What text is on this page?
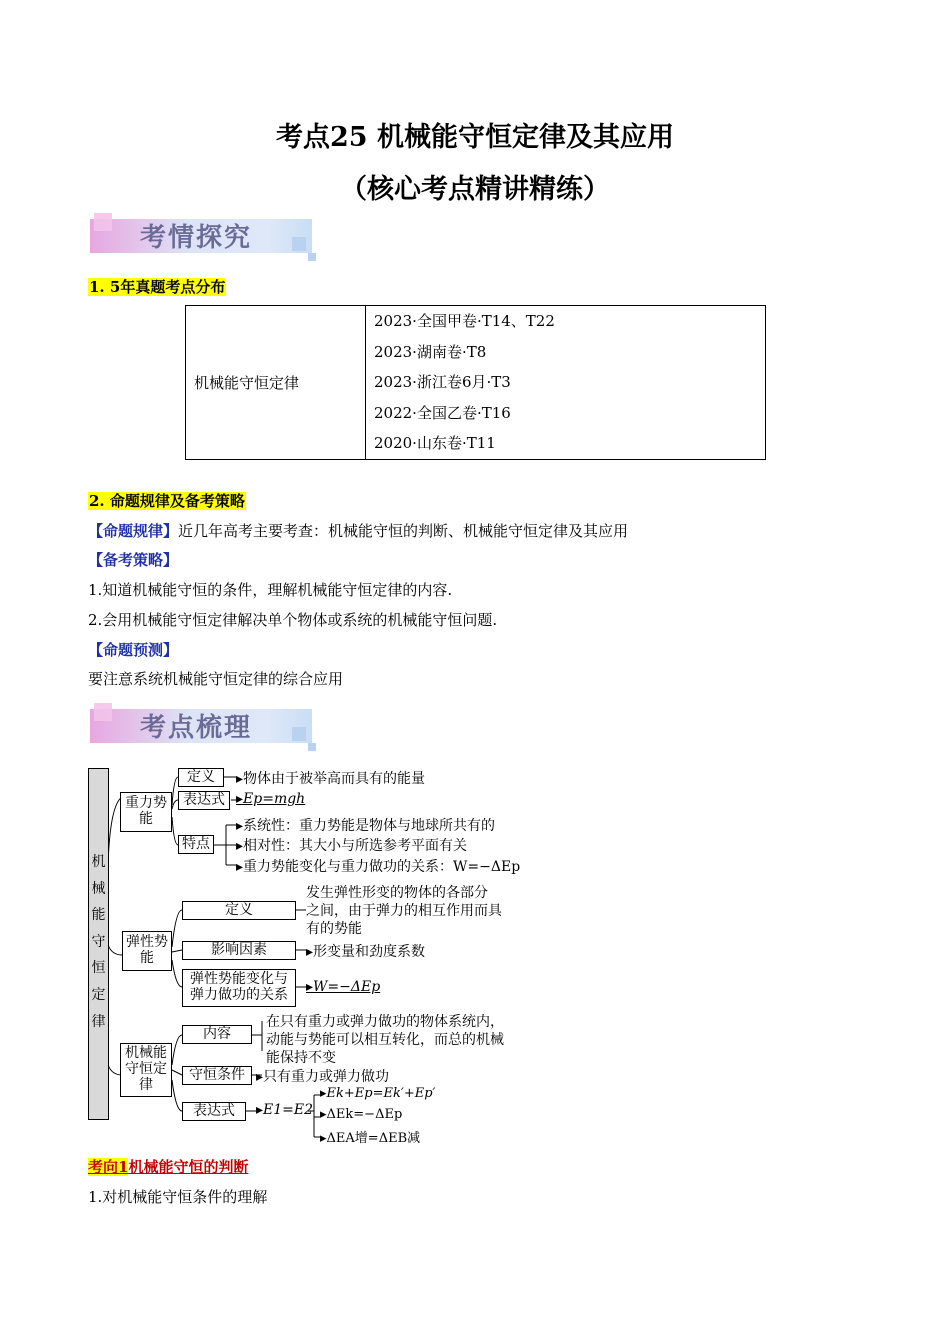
考点25 机械能守恒定律及其应用
（核心考点精讲精练）
考情探究
1. 5年真题考点分布
机械能守恒定律	
2023·全国甲卷·T14、T22
2023·湖南卷·T8
2023·浙江卷6月·T3
2022·全国乙卷·T16
2020·山东卷·T11
2. 命题规律及备考策略
【命题规律】近几年高考主要考查：机械能守恒的判断、机械能守恒定律及其应用
【备考策略】
1.知道机械能守恒的条件，理解机械能守恒定律的内容.
2.会用机械能守恒定律解决单个物体或系统的机械能守恒问题.
【命题预测】
要注意系统机械能守恒定律的综合应用
考点梳理
机械能守恒定律
重力势能
定义	▸物体由于被举高而具有的能量
表达式 ▸Ep=mgh
特点
▸系统性：重力势能是物体与地球所共有的
▸相对性：其大小与所选参考平面有关
▸重力势能变化与重力做功的关系：W=−ΔEp
弹性势能
定义
发生弹性形变的物体的各部分
之间，由于弹力的相互作用而具
有的势能
影响因素	▸形变量和劲度系数
弹性势能变化与
弹力做功的关系
▸W=−ΔEp
机械能守恒定律
内容
在只有重力或弹力做功的物体系统内，
动能与势能可以相互转化，而总的机械
能保持不变
守恒条件 ▸只有重力或弹力做功
表达式	▸E1=E2
▸Ek+Ep=Ek′+Ep′
▸ΔEk=−ΔEp
▸ΔEA增=ΔEB减
考向1机械能守恒的判断
1.对机械能守恒条件的理解
